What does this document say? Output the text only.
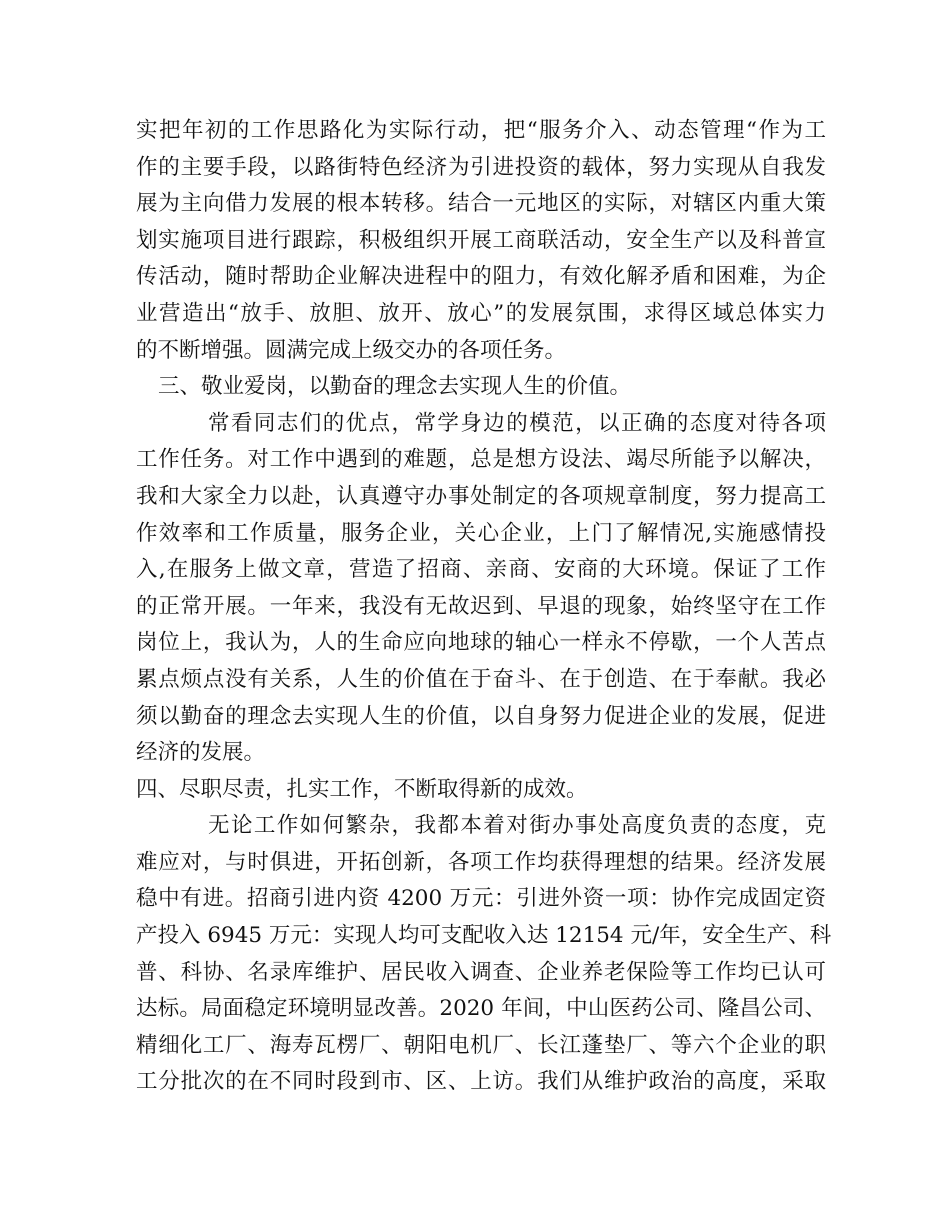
实把年初的工作思路化为实际行动，把“服务介入、动态管理“作为工
作的主要手段，以路街特色经济为引进投资的载体，努力实现从自我发
展为主向借力发展的根本转移。结合一元地区的实际，对辖区内重大策
划实施项目进行跟踪，积极组织开展工商联活动，安全生产以及科普宣
传活动，随时帮助企业解决进程中的阻力，有效化解矛盾和困难，为企
业营造出“放手、放胆、放开、放心”的发展氛围，求得区域总体实力
的不断增强。圆满完成上级交办的各项任务。
三、敬业爱岗，以勤奋的理念去实现人生的价值。
常看同志们的优点，常学身边的模范，以正确的态度对待各项
工作任务。对工作中遇到的难题，总是想方设法、竭尽所能予以解决，
我和大家全力以赴，认真遵守办事处制定的各项规章制度，努力提高工
作效率和工作质量，服务企业，关心企业，上门了解情况,实施感情投
入,在服务上做文章，营造了招商、亲商、安商的大环境。保证了工作
的正常开展。一年来，我没有无故迟到、早退的现象，始终坚守在工作
岗位上，我认为，人的生命应向地球的轴心一样永不停歇，一个人苦点
累点烦点没有关系，人生的价值在于奋斗、在于创造、在于奉献。我必
须以勤奋的理念去实现人生的价值，以自身努力促进企业的发展，促进
经济的发展。
四、尽职尽责，扎实工作，不断取得新的成效。
无论工作如何繁杂，我都本着对街办事处高度负责的态度，克
难应对，与时俱进，开拓创新，各项工作均获得理想的结果。经济发展
稳中有进。招商引进内资 4200 万元：引进外资一项：协作完成固定资
产投入 6945 万元：实现人均可支配收入达 12154 元/年，安全生产、科
普、科协、名录库维护、居民收入调查、企业养老保险等工作均已认可
达标。局面稳定环境明显改善。2020 年间，中山医药公司、隆昌公司、
精细化工厂、海寿瓦楞厂、朝阳电机厂、长江蓬垫厂、等六个企业的职
工分批次的在不同时段到市、区、上访。我们从维护政治的高度，采取
